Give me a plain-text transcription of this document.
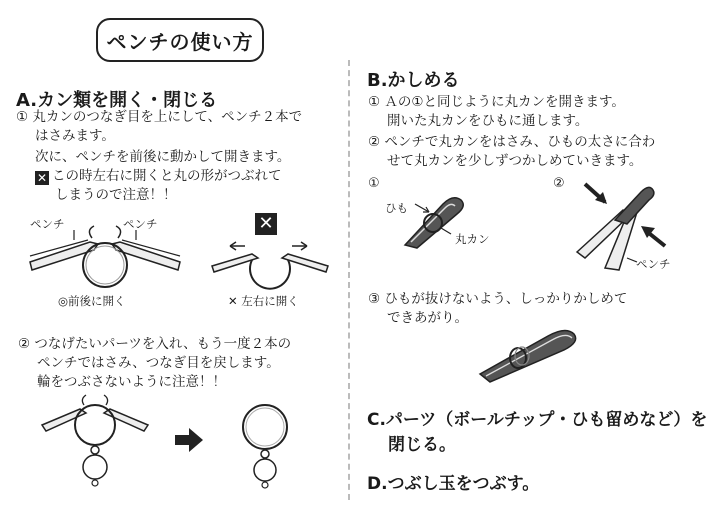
ペンチの使い方
A.カン類を開く・閉じる
① 丸カンのつなぎ目を上にして、ペンチ２本で
はさみます。
次に、ペンチを前後に動かして開きます。
✕ この時左右に開くと丸の形がつぶれて
しまうので注意！！
ペンチ	ペンチ
◎前後に開く
✕
✕ 左右に開く
② つなげたいパーツを入れ、もう一度２本の
ペンチではさみ、つなぎ目を戻します。
輪をつぶさないように注意！！
B.かしめる
① Ａの①と同じように丸カンを開きます。
開いた丸カンをひもに通します。
② ペンチで丸カンをはさみ、ひもの太さに合わ
せて丸カンを少しずつかしめていきます。
①
ひも
丸カン
②
ペンチ
③ ひもが抜けないよう、しっかりかしめて
できあがり。
C.パーツ（ボールチップ・ひも留めなど）を
閉じる。
D.つぶし玉をつぶす。
